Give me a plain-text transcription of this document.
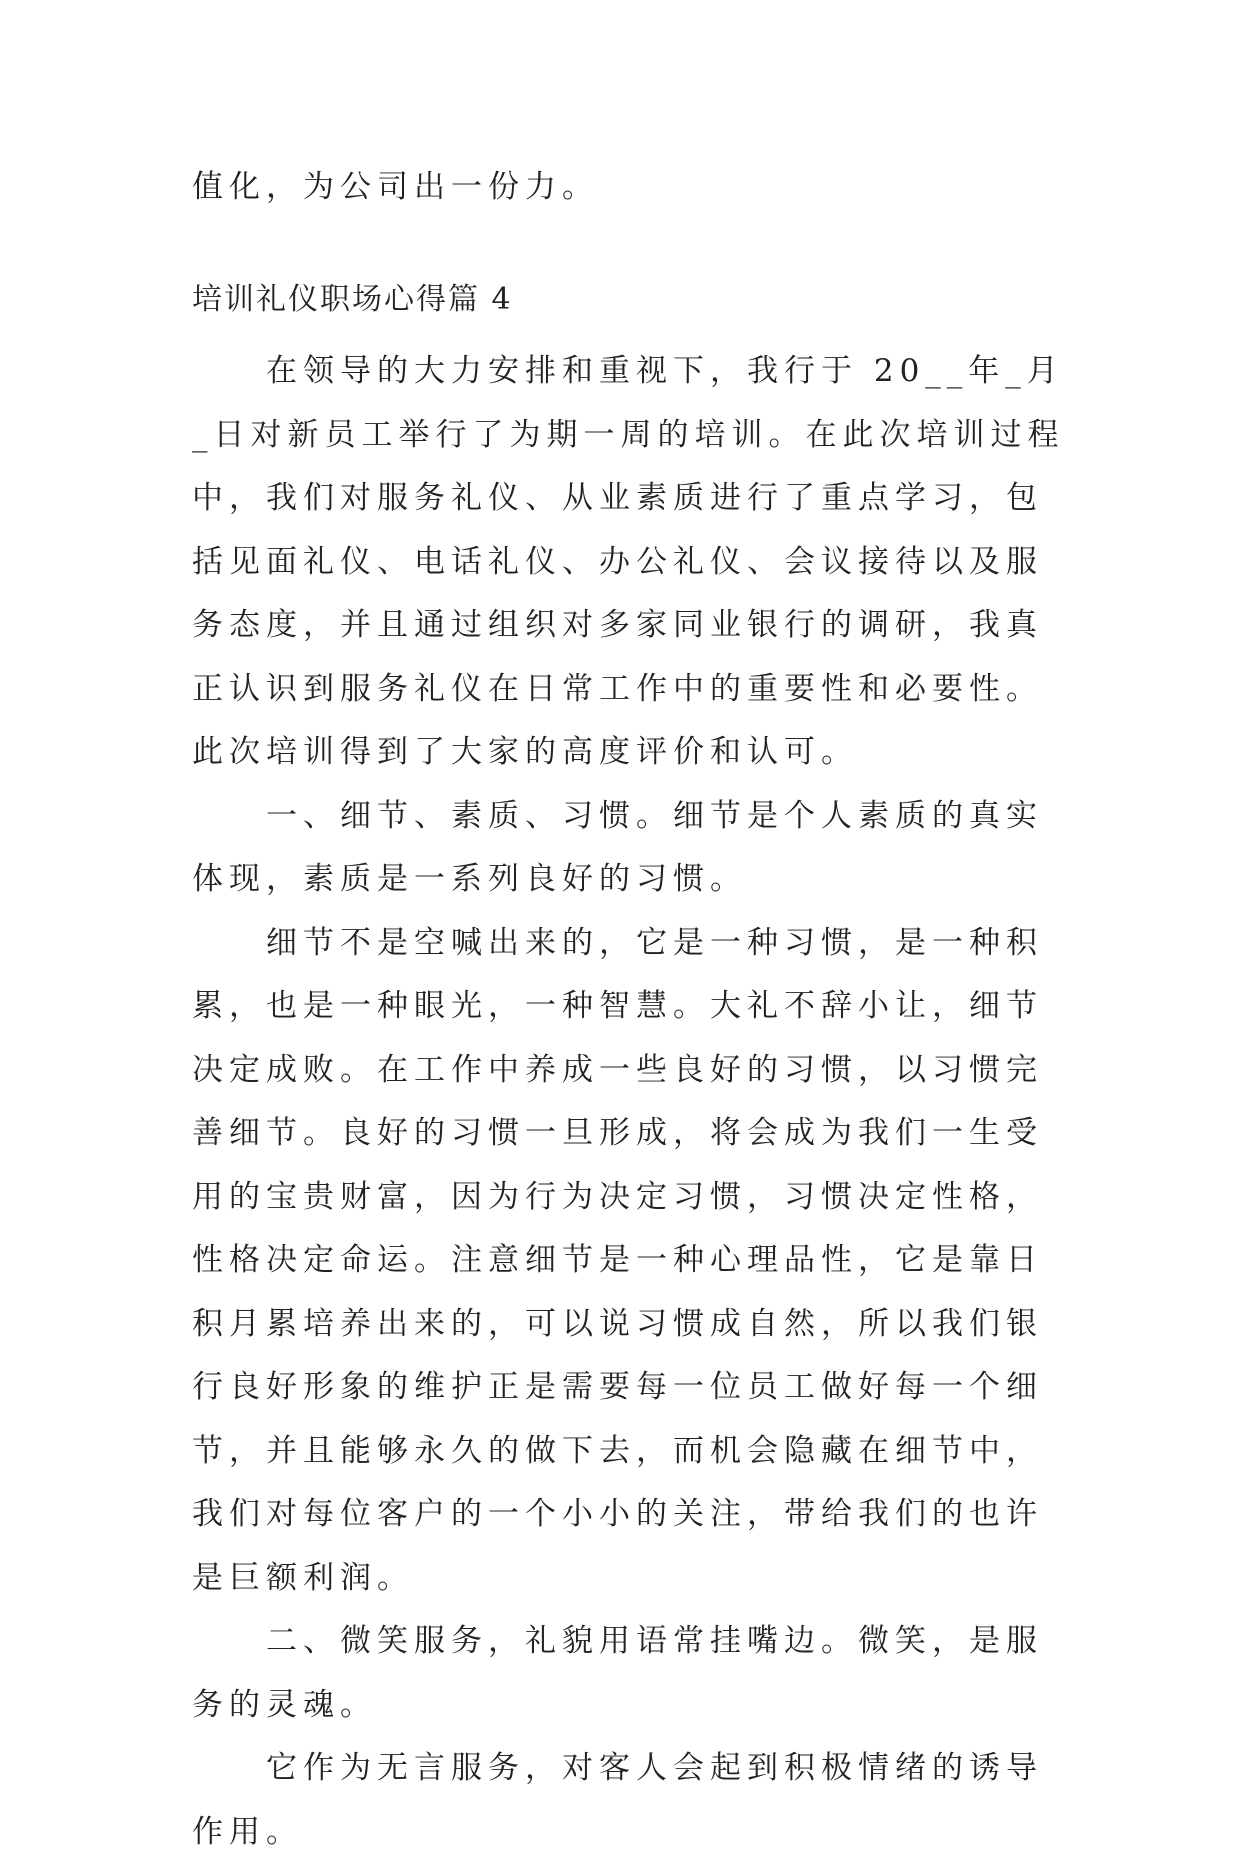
值化，为公司出一份力。

培训礼仪职场心得篇 4

在领导的大力安排和重视下，我行于 20__年_月_日对新员工举行了为期一周的培训。在此次培训过程中，我们对服务礼仪、从业素质进行了重点学习，包括见面礼仪、电话礼仪、办公礼仪、会议接待以及服务态度，并且通过组织对多家同业银行的调研，我真正认识到服务礼仪在日常工作中的重要性和必要性。此次培训得到了大家的高度评价和认可。

一、细节、素质、习惯。细节是个人素质的真实体现，素质是一系列良好的习惯。

细节不是空喊出来的，它是一种习惯，是一种积累，也是一种眼光，一种智慧。大礼不辞小让，细节决定成败。在工作中养成一些良好的习惯，以习惯完善细节。良好的习惯一旦形成，将会成为我们一生受用的宝贵财富，因为行为决定习惯，习惯决定性格，性格决定命运。注意细节是一种心理品性，它是靠日积月累培养出来的，可以说习惯成自然，所以我们银行良好形象的维护正是需要每一位员工做好每一个细节，并且能够永久的做下去，而机会隐藏在细节中，我们对每位客户的一个小小的关注，带给我们的也许是巨额利润。

二、微笑服务，礼貌用语常挂嘴边。微笑，是服务的灵魂。

它作为无言服务，对客人会起到积极情绪的诱导作用。
